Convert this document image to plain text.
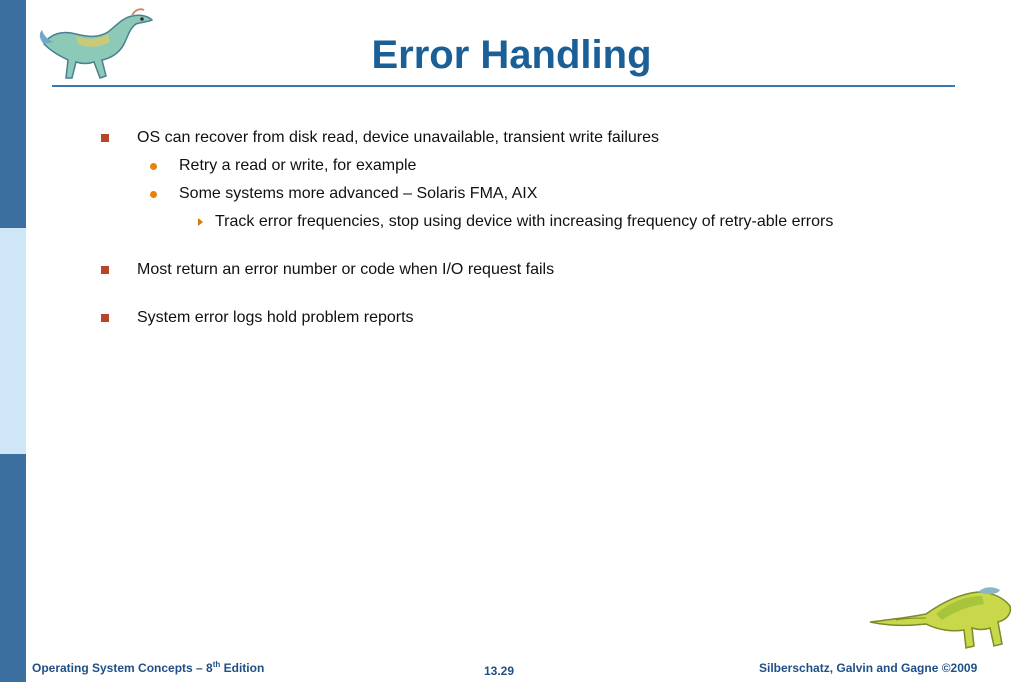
Error Handling
OS can recover from disk read, device unavailable, transient write failures
Retry a read or write, for example
Some systems more advanced – Solaris FMA, AIX
Track error frequencies, stop using device with increasing frequency of retry-able errors
Most return an error number or code when I/O request fails
System error logs hold problem reports
Operating System Concepts – 8th Edition	13.29	Silberschatz, Galvin and Gagne ©2009
